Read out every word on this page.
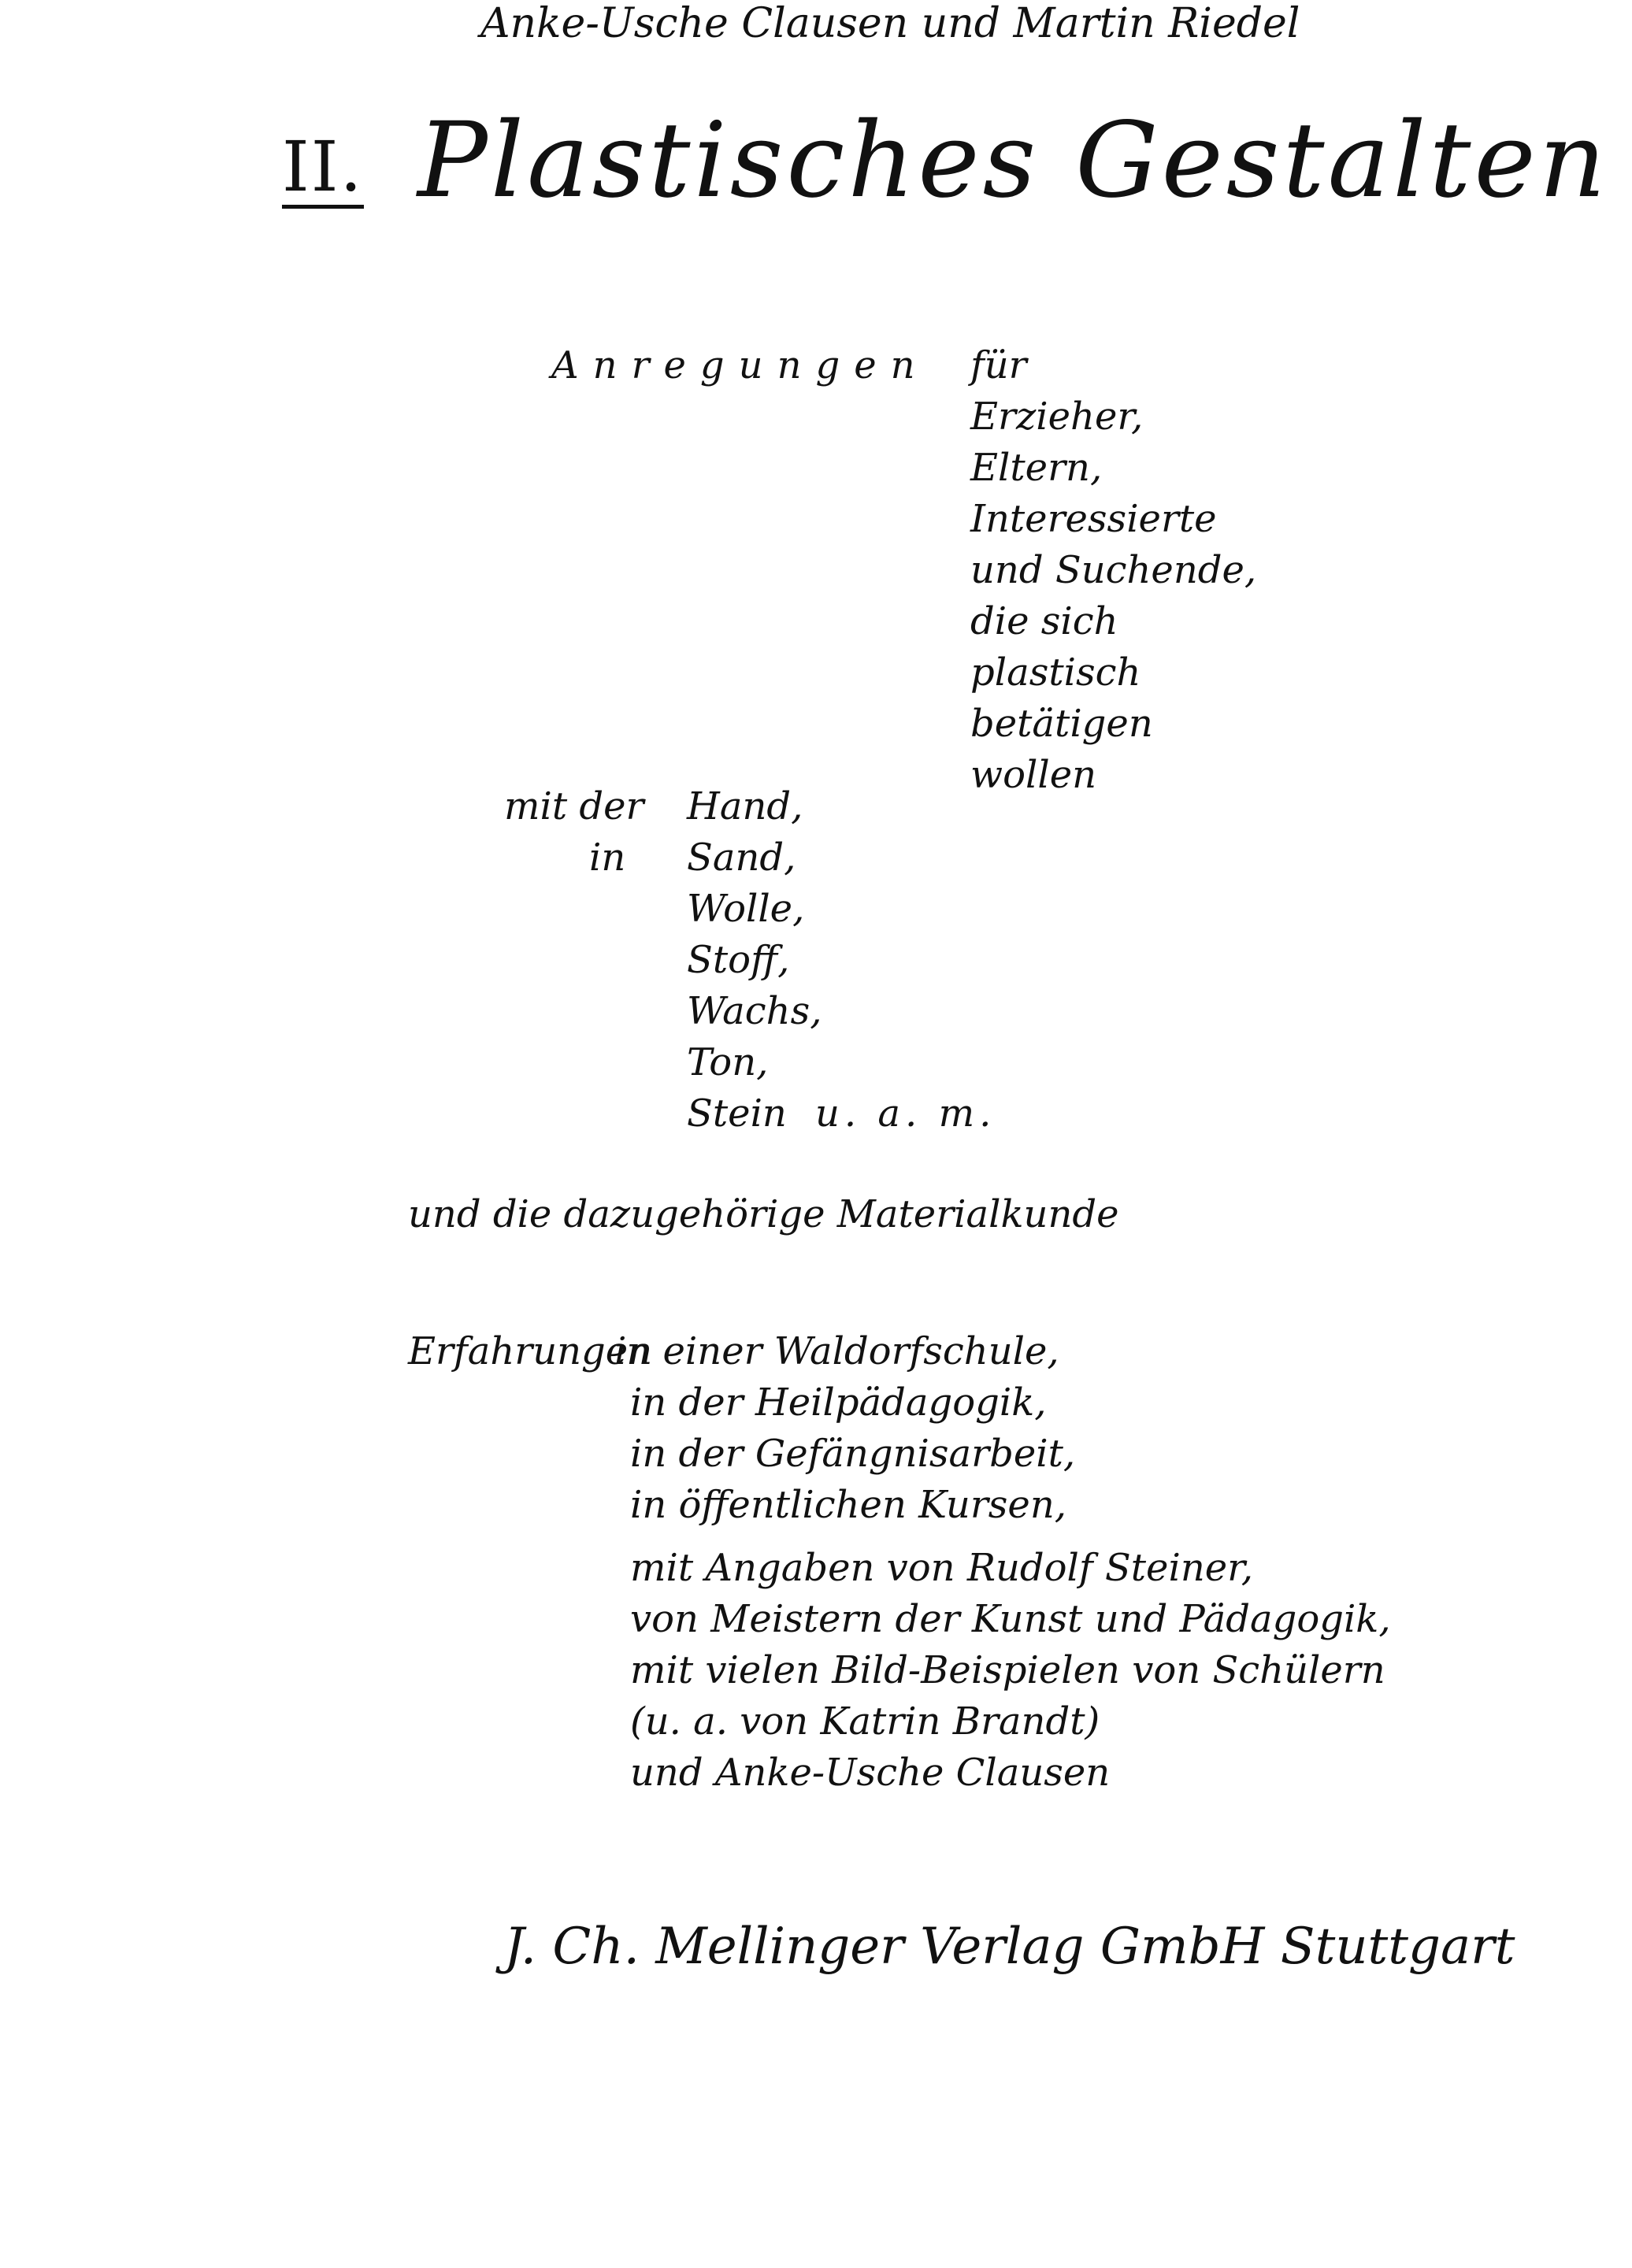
Anke-Usche Clausen und Martin Riedel
II. Plastisches Gestalten
Anregungen für
Erzieher,
Eltern,
Interessierte
und Suchende,
die sich
plastisch
betätigen
wollen
mit der
in
Hand,
Sand,
Wolle,
Stoff,
Wachs,
Ton,
Stein u. a. m.
und die dazugehörige Materialkunde
Erfahrungen
in einer Waldorfschule,
in der Heilpädagogik,
in der Gefängnisarbeit,
in öffentlichen Kursen,
mit Angaben von Rudolf Steiner,
von Meistern der Kunst und Pädagogik,
mit vielen Bild-Beispielen von Schülern
(u. a. von Katrin Brandt)
und Anke-Usche Clausen
J. Ch. Mellinger Verlag GmbH Stuttgart
